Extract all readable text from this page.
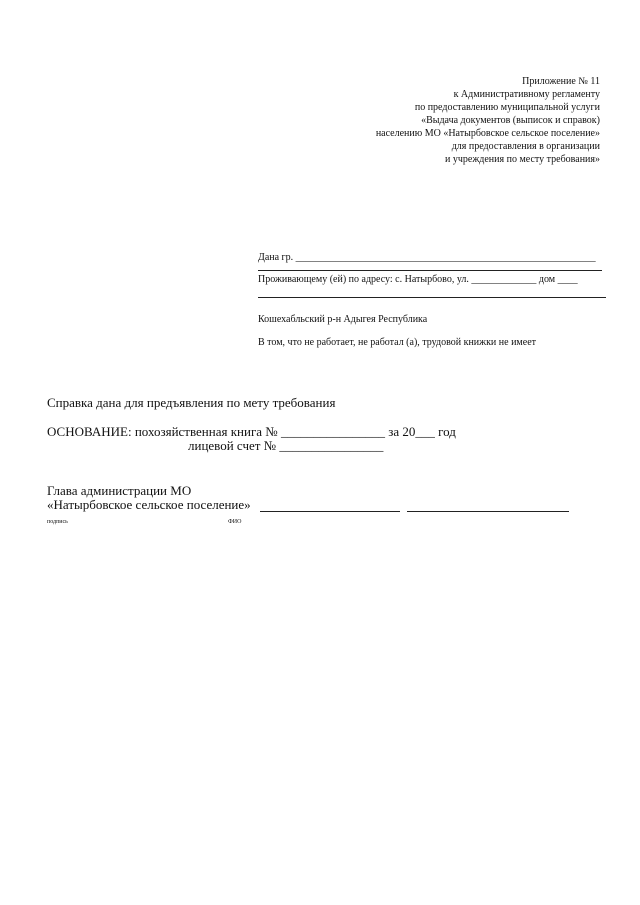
Приложение № 11
к Административному регламенту
по предоставлению муниципальной услуги
«Выдача документов (выписок и справок)
населению МО «Натырбовское сельское поселение»
для предоставления в организации
и учреждения по месту требования»
Дана гр. ____________________________________________________________
Проживающему (ей) по адресу: с. Натырбово, ул. _____________ дом ____
Кошехабльский р-н Адыгея Республика
В том, что не работает, не работал (а), трудовой книжки не имеет
Справка дана для предъявления по мету требования
ОСНОВАНИЕ: похозяйственная книга № ________________ за 20___ год
лицевой счет № ________________
Глава администрации МО
«Натырбовское сельское поселение»
подпись	ФИО
